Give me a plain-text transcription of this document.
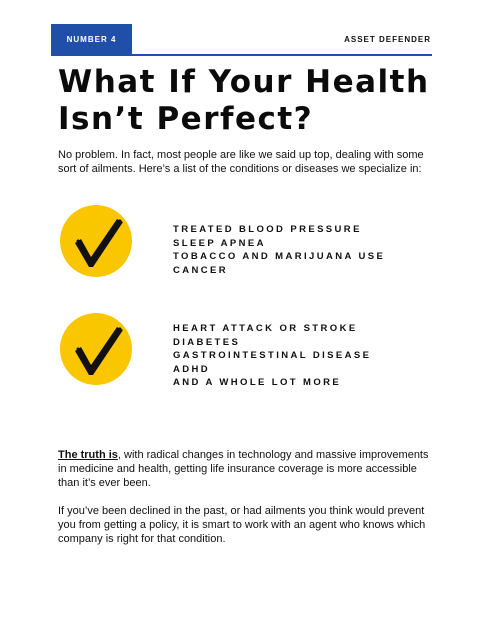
NUMBER 4	ASSET DEFENDER
What If Your Health
Isn’t Perfect?

No problem. In fact, most people are like we said up top, dealing with some sort of ailments. Here’s a list of the conditions or diseases we specialize in:

TREATED BLOOD PRESSURE
SLEEP APNEA
TOBACCO AND MARIJUANA USE
CANCER
HEART ATTACK OR STROKE
DIABETES
GASTROINTESTINAL DISEASE
ADHD
AND A WHOLE LOT MORE

The truth is, with radical changes in technology and massive improvements in medicine and health, getting life insurance coverage is more accessible than it’s ever been.

If you’ve been declined in the past, or had ailments you think would prevent you from getting a policy, it is smart to work with an agent who knows which company is right for that condition.
